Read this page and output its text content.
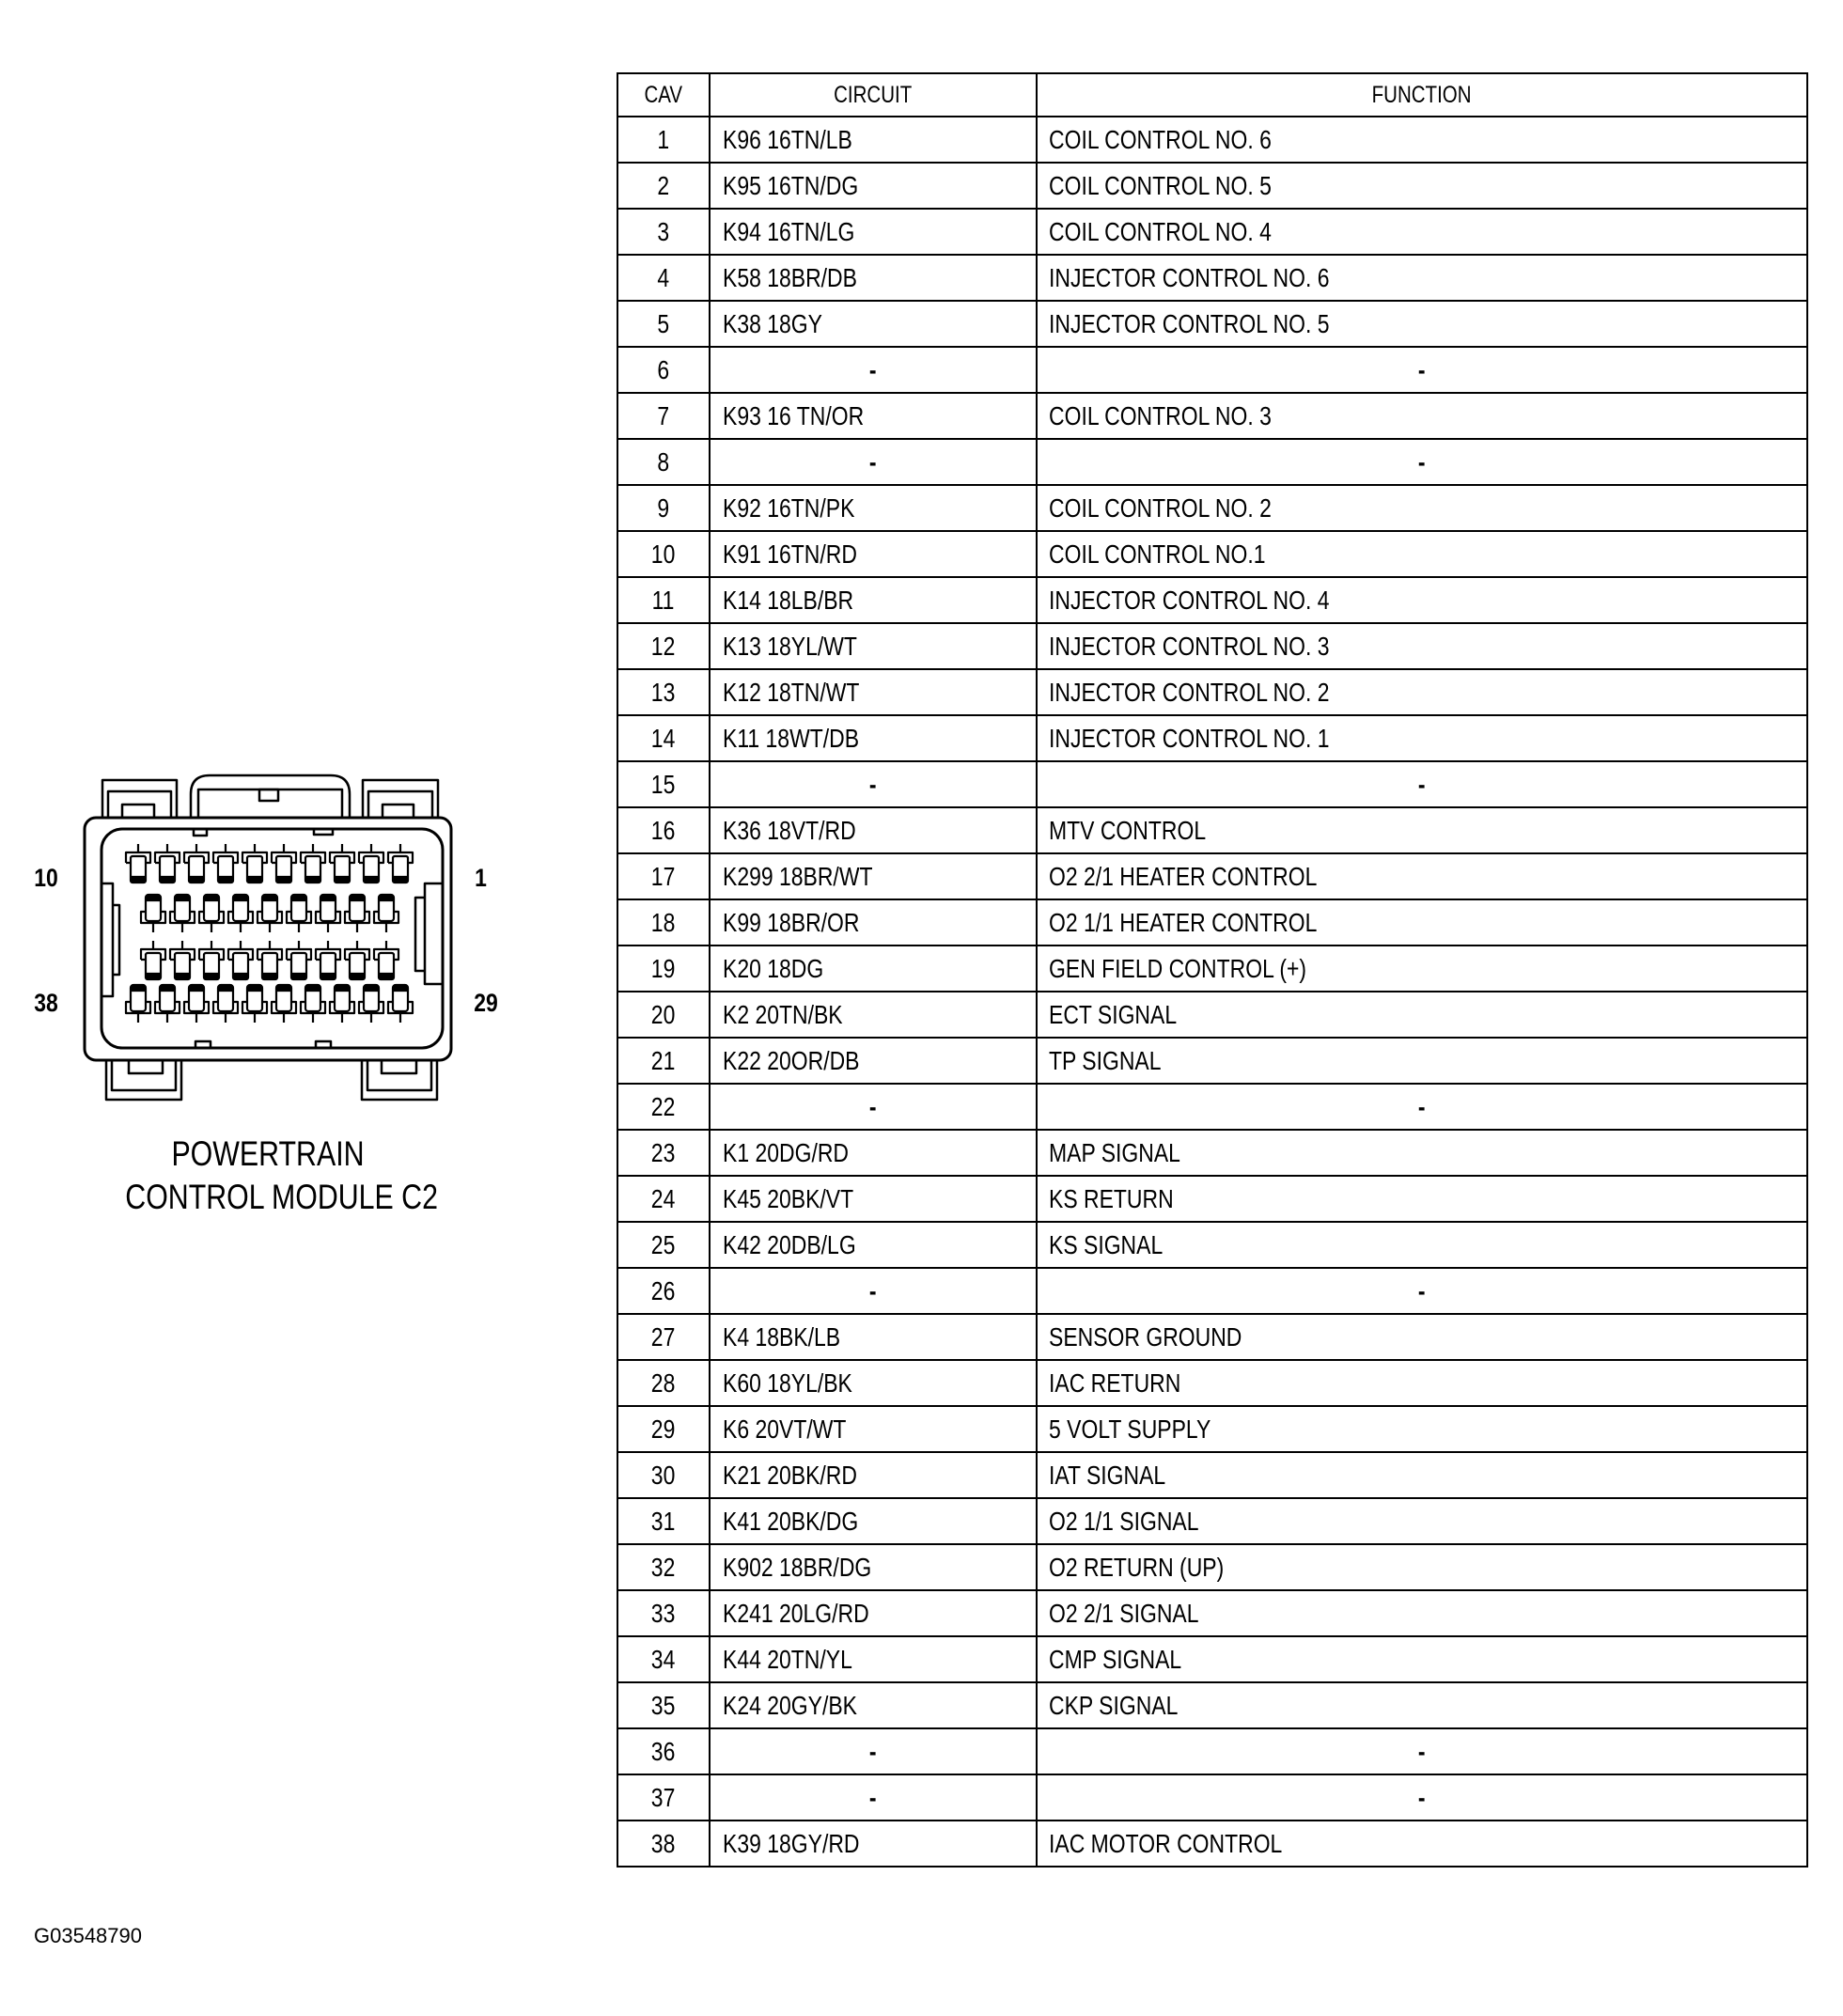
10	1
38	29
POWERTRAIN
CONTROL MODULE C2
CAV	CIRCUIT	FUNCTION
1	K96 16TN/LB	COIL CONTROL NO. 6
2	K95 16TN/DG	COIL CONTROL NO. 5
3	K94 16TN/LG	COIL CONTROL NO. 4
4	K58 18BR/DB	INJECTOR CONTROL NO. 6
5	K38 18GY	INJECTOR CONTROL NO. 5
6	-	-
7	K93 16 TN/OR	COIL CONTROL NO. 3
8	-	-
9	K92 16TN/PK	COIL CONTROL NO. 2
10	K91 16TN/RD	COIL CONTROL NO.1
11	K14 18LB/BR	INJECTOR CONTROL NO. 4
12	K13 18YL/WT	INJECTOR CONTROL NO. 3
13	K12 18TN/WT	INJECTOR CONTROL NO. 2
14	K11 18WT/DB	INJECTOR CONTROL NO. 1
15	-	-
16	K36 18VT/RD	MTV CONTROL
17	K299 18BR/WT	O2 2/1 HEATER CONTROL
18	K99 18BR/OR	O2 1/1 HEATER CONTROL
19	K20 18DG	GEN FIELD CONTROL (+)
20	K2 20TN/BK	ECT SIGNAL
21	K22 20OR/DB	TP SIGNAL
22	-	-
23	K1 20DG/RD	MAP SIGNAL
24	K45 20BK/VT	KS RETURN
25	K42 20DB/LG	KS SIGNAL
26	-	-
27	K4 18BK/LB	SENSOR GROUND
28	K60 18YL/BK	IAC RETURN
29	K6 20VT/WT	5 VOLT SUPPLY
30	K21 20BK/RD	IAT SIGNAL
31	K41 20BK/DG	O2 1/1 SIGNAL
32	K902 18BR/DG	O2 RETURN (UP)
33	K241 20LG/RD	O2 2/1 SIGNAL
34	K44 20TN/YL	CMP SIGNAL
35	K24 20GY/BK	CKP SIGNAL
36	-	-
37	-	-
38	K39 18GY/RD	IAC MOTOR CONTROL
G03548790
